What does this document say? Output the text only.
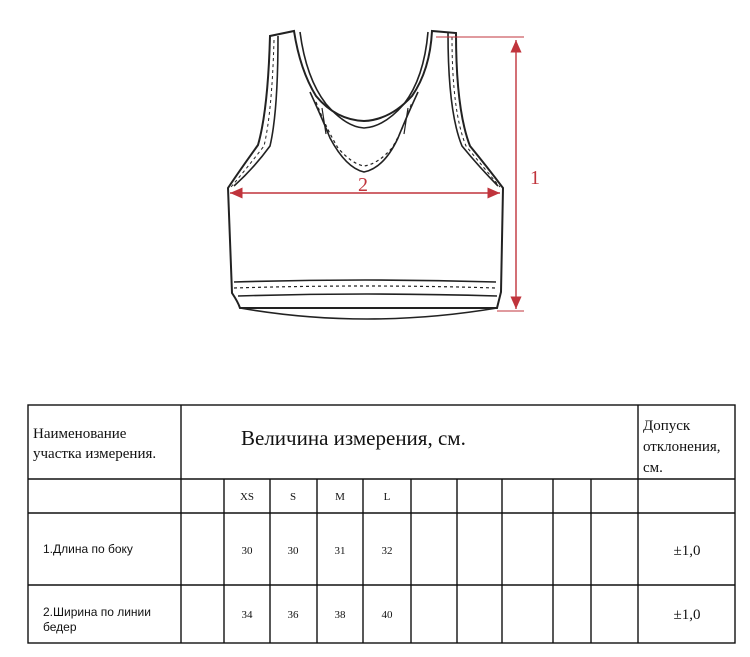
1
2
Наименование
участка измерения.
Величина измерения, см.	Допуск
отклонения,
см.
XS	S	M	L
1.Длина по боку	30	30	31	32	±1,0
2.Ширина по линии
бедер
34	36	38	40	±1,0
